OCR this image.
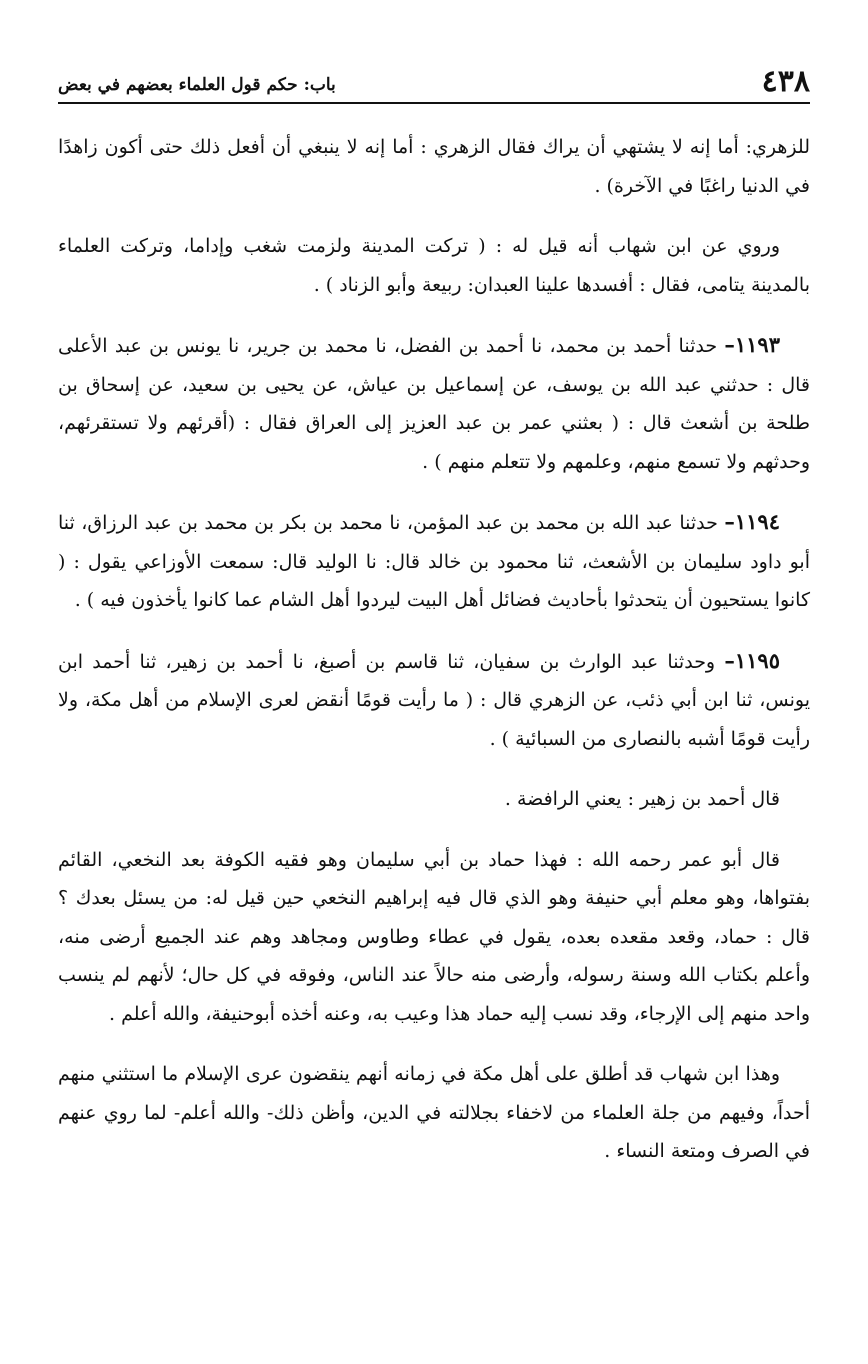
٤٣٨
باب: حكم قول العلماء بعضهم في بعض

للزهري: أما إنه لا يشتهي أن يراك فقال الزهري : أما إنه لا ينبغي أن أفعل ذلك حتى أكون زاهدًا في الدنيا راغبًا في الآخرة) .

وروي عن ابن شهاب أنه قيل له : ( تركت المدينة ولزمت شغب وإداما، وتركت العلماء بالمدينة يتامى، فقال : أفسدها علينا العبدان: ربيعة وأبو الزناد ) .

١١٩٣– حدثنا أحمد بن محمد، نا أحمد بن الفضل، نا محمد بن جرير، نا يونس بن عبد الأعلى قال : حدثني عبد الله بن يوسف، عن إسماعيل بن عياش، عن يحيى بن سعيد، عن إسحاق بن طلحة بن أشعث قال : ( بعثني عمر بن عبد العزيز إلى العراق فقال : (أقرئهم ولا تستقرئهم، وحدثهم ولا تسمع منهم، وعلمهم ولا تتعلم منهم ) .

١١٩٤– حدثنا عبد الله بن محمد بن عبد المؤمن، نا محمد بن بكر بن محمد بن عبد الرزاق، ثنا أبو داود سليمان بن الأشعث، ثنا محمود بن خالد قال: نا الوليد قال: سمعت الأوزاعي يقول : ( كانوا يستحيون أن يتحدثوا بأحاديث فضائل أهل البيت ليردوا أهل الشام عما كانوا يأخذون فيه ) .

١١٩٥– وحدثنا عبد الوارث بن سفيان، ثنا قاسم بن أصبغ، نا أحمد بن زهير، ثنا أحمد ابن يونس، ثنا ابن أبي ذئب، عن الزهري قال : ( ما رأيت قومًا أنقض لعرى الإسلام من أهل مكة، ولا رأيت قومًا أشبه بالنصارى من السبائية ) .

قال أحمد بن زهير : يعني الرافضة .

قال أبو عمر رحمه الله : فهذا حماد بن أبي سليمان وهو فقيه الكوفة بعد النخعي، القائم بفتواها، وهو معلم أبي حنيفة وهو الذي قال فيه إبراهيم النخعي حين قيل له: من يسئل بعدك ؟ قال : حماد، وقعد مقعده بعده، يقول في عطاء وطاوس ومجاهد وهم عند الجميع أرضى منه، وأعلم بكتاب الله وسنة رسوله، وأرضى منه حالاً عند الناس، وفوقه في كل حال؛ لأنهم لم ينسب واحد منهم إلى الإرجاء، وقد نسب إليه حماد هذا وعيب به، وعنه أخذه أبوحنيفة، والله أعلم .

وهذا ابن شهاب قد أطلق على أهل مكة في زمانه أنهم ينقضون عرى الإسلام ما استثني منهم أحداً، وفيهم من جلة العلماء من لاخفاء بجلالته في الدين، وأظن ذلك- والله أعلم- لما روي عنهم في الصرف ومتعة النساء .
